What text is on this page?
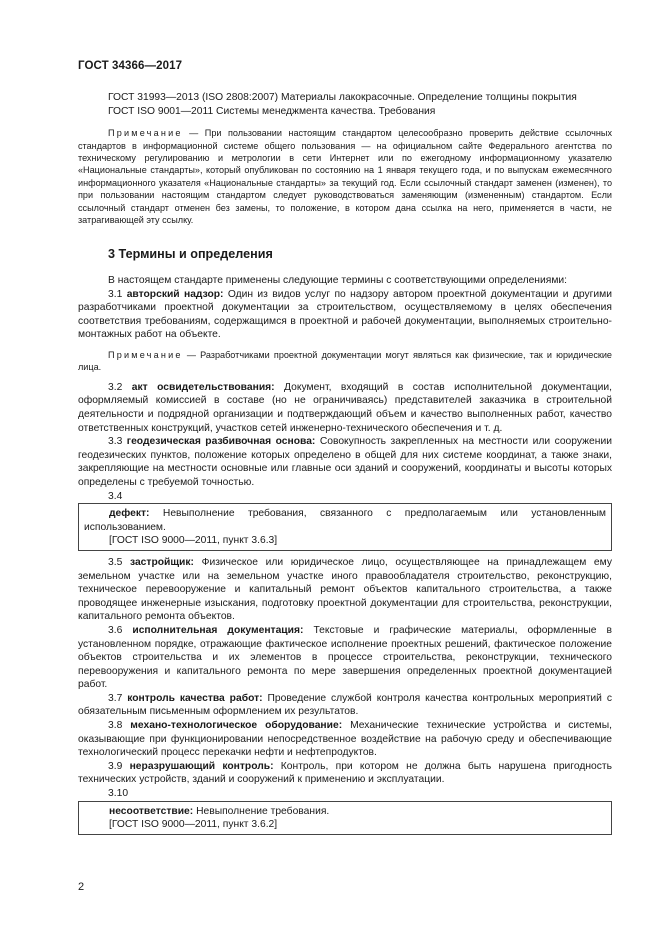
ГОСТ 34366—2017

ГОСТ 31993—2013 (ISO 2808:2007) Материалы лакокрасочные. Определение толщины покрытия

ГОСТ ISO 9001—2011 Системы менеджмента качества. Требования

Примечание — При пользовании настоящим стандартом целесообразно проверить действие ссылочных стандартов в информационной системе общего пользования — на официальном сайте Федерального агентства по техническому регулированию и метрологии в сети Интернет или по ежегодному информационному указателю «Национальные стандарты», который опубликован по состоянию на 1 января текущего года, и по выпускам ежемесячного информационного указателя «Национальные стандарты» за текущий год. Если ссылочный стандарт заменен (изменен), то при пользовании настоящим стандартом следует руководствоваться заменяющим (измененным) стандартом. Если ссылочный стандарт отменен без замены, то положение, в котором дана ссылка на него, применяется в части, не затрагивающей эту ссылку.

3 Термины и определения

В настоящем стандарте применены следующие термины с соответствующими определениями:

3.1 авторский надзор: Один из видов услуг по надзору автором проектной документации и другими разработчиками проектной документации за строительством, осуществляемому в целях обеспечения соответствия требованиям, содержащимся в проектной и рабочей документации, выполняемых строительно-монтажных работ на объекте.

Примечание — Разработчиками проектной документации могут являться как физические, так и юридические лица.

3.2 акт освидетельствования: Документ, входящий в состав исполнительной документации, оформляемый комиссией в составе (но не ограничиваясь) представителей заказчика в строительной деятельности и подрядной организации и подтверждающий объем и качество выполненных работ, качество ответственных конструкций, участков сетей инженерно-технического обеспечения и т. д.

3.3 геодезическая разбивочная основа: Совокупность закрепленных на местности или сооружении геодезических пунктов, положение которых определено в общей для них системе координат, а также знаки, закрепляющие на местности основные или главные оси зданий и сооружений, координаты и высоты которых определены с требуемой точностью.

3.4

дефект: Невыполнение требования, связанного с предполагаемым или установленным использованием.

[ГОСТ ISO 9000—2011, пункт 3.6.3]

3.5 застройщик: Физическое или юридическое лицо, осуществляющее на принадлежащем ему земельном участке или на земельном участке иного правообладателя строительство, реконструкцию, техническое перевооружение и капитальный ремонт объектов капитального строительства, а также проводящее инженерные изыскания, подготовку проектной документации для строительства, реконструкции, капитального ремонта объектов.

3.6 исполнительная документация: Текстовые и графические материалы, оформленные в установленном порядке, отражающие фактическое исполнение проектных решений, фактическое положение объектов строительства и их элементов в процессе строительства, реконструкции, технического перевооружения и капитального ремонта по мере завершения определенных проектной документацией работ.

3.7 контроль качества работ: Проведение службой контроля качества контрольных мероприятий с обязательным письменным оформлением их результатов.

3.8 механо-технологическое оборудование: Механические технические устройства и системы, оказывающие при функционировании непосредственное воздействие на рабочую среду и обеспечивающие технологический процесс перекачки нефти и нефтепродуктов.

3.9 неразрушающий контроль: Контроль, при котором не должна быть нарушена пригодность технических устройств, зданий и сооружений к применению и эксплуатации.

3.10

несоответствие: Невыполнение требования.

[ГОСТ ISO 9000—2011, пункт 3.6.2]

2
